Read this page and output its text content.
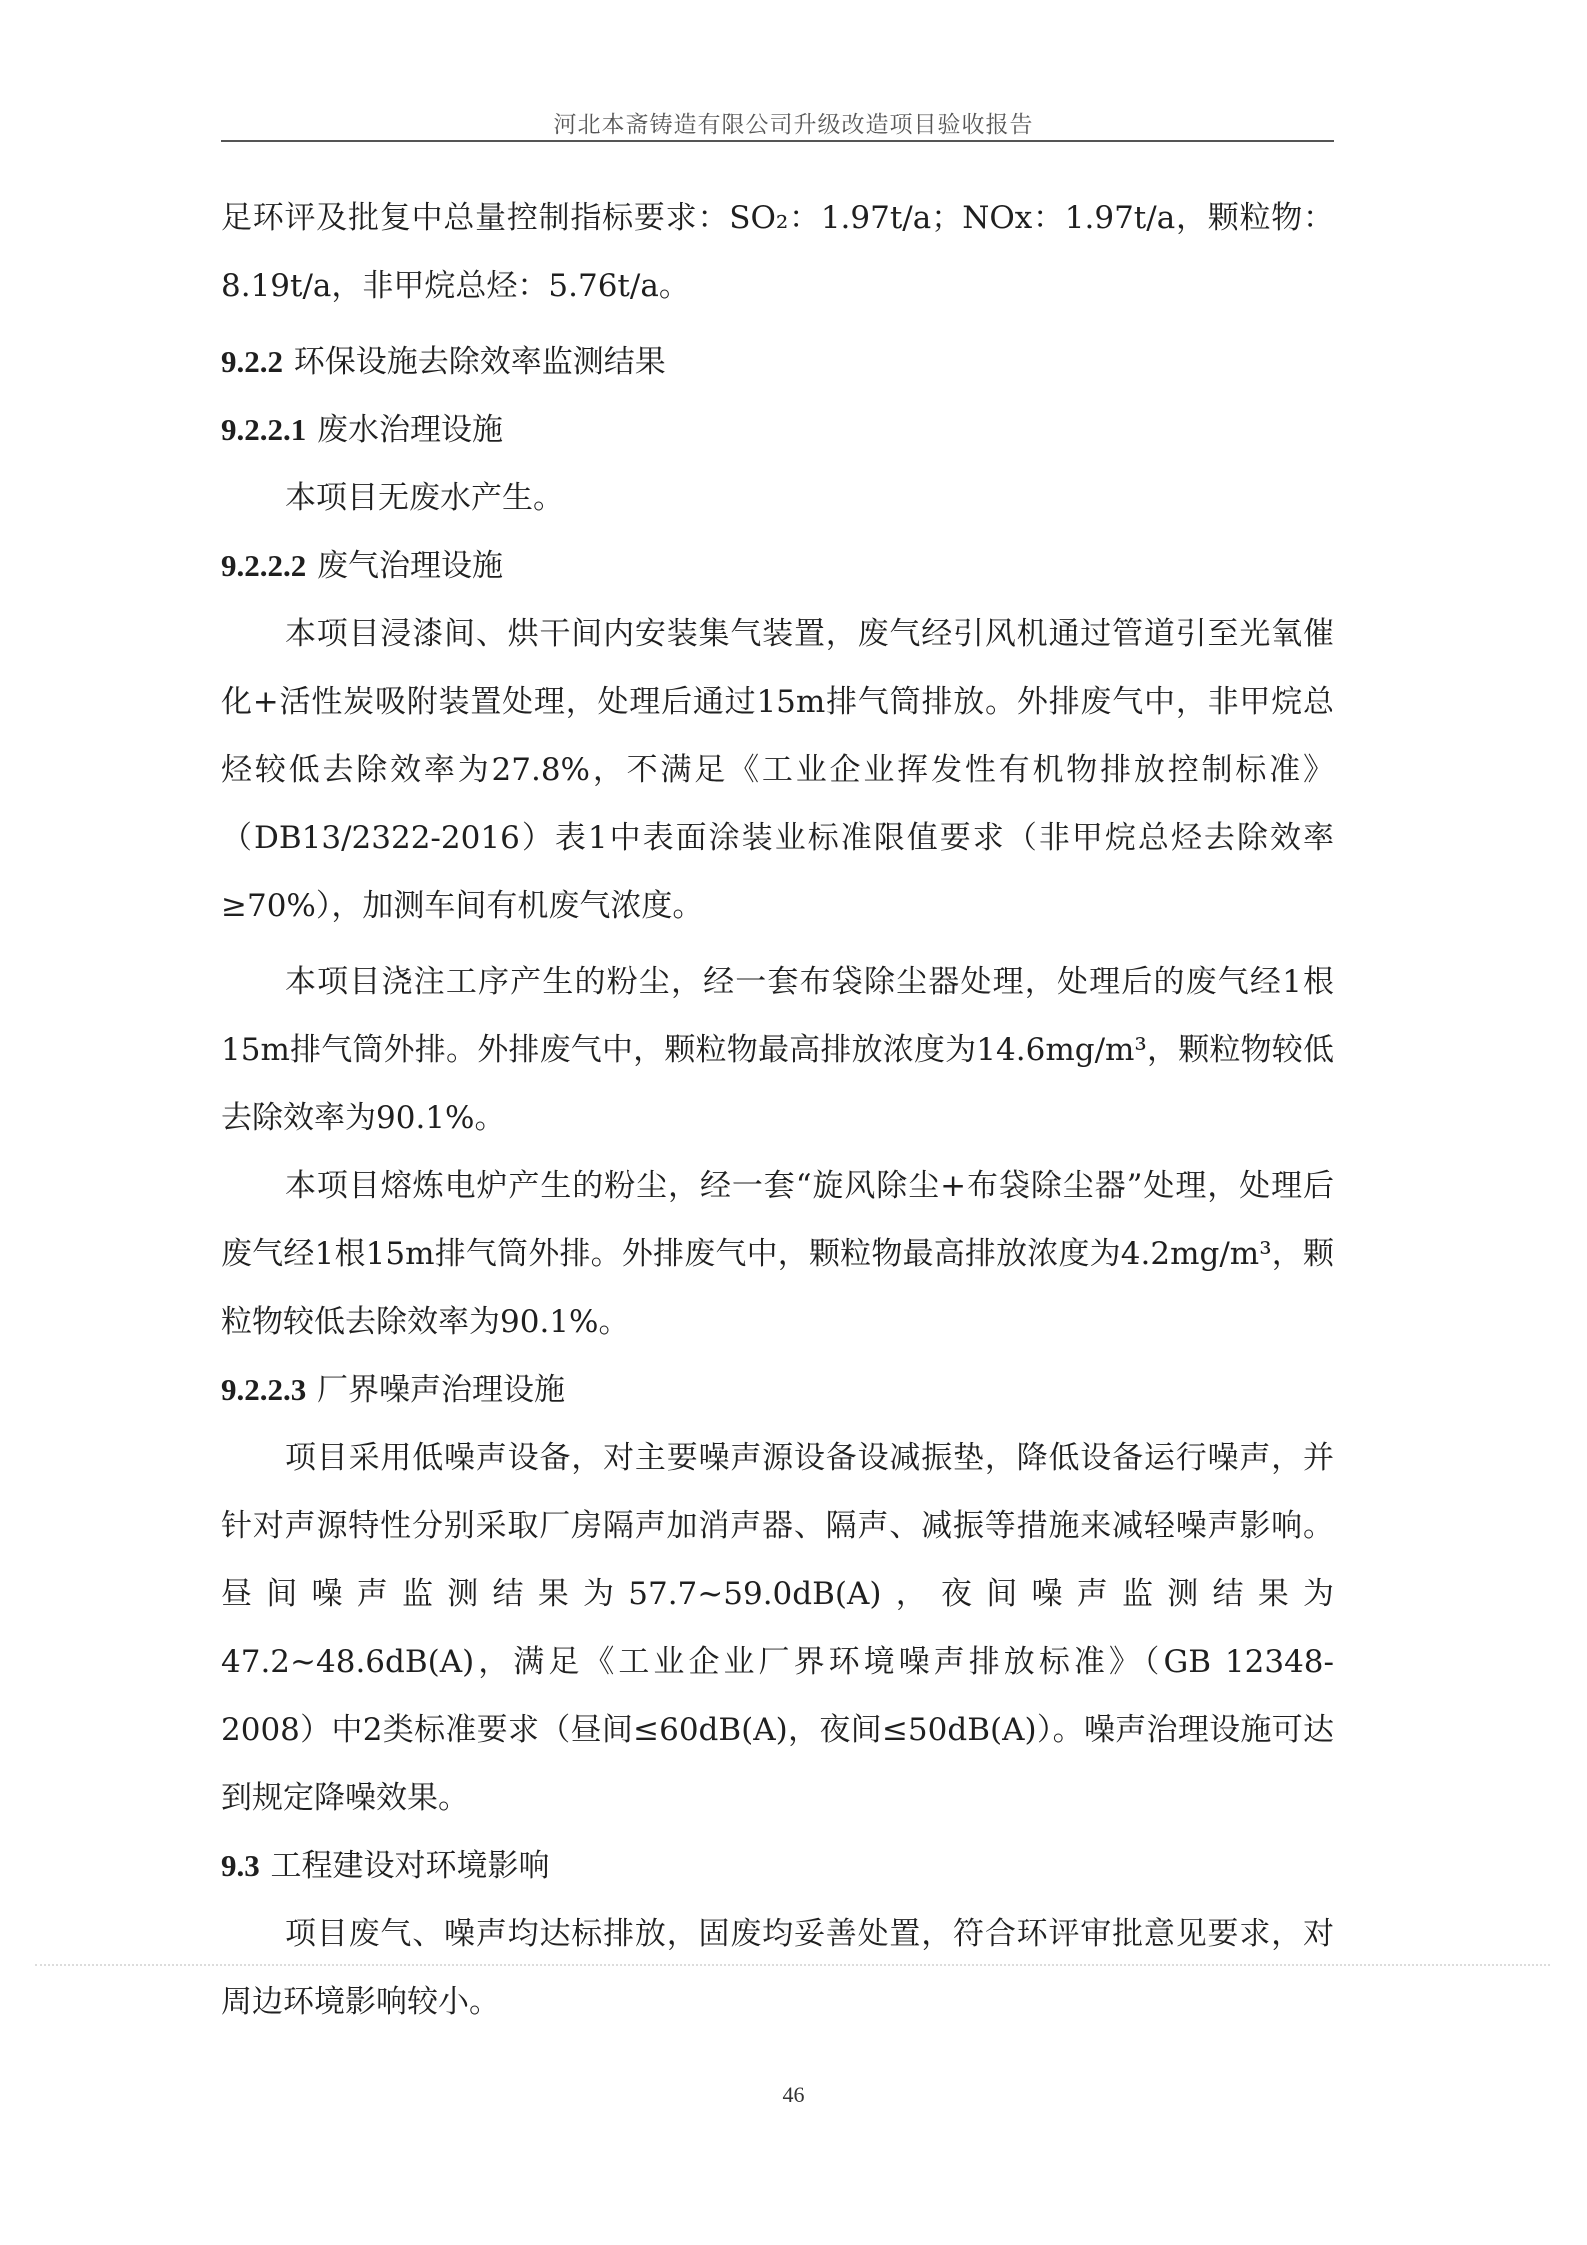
河北本斋铸造有限公司升级改造项目验收报告

足环评及批复中总量控制指标要求：SO₂：1.97t/a；NOx：1.97t/a，颗粒物：8.19t/a，非甲烷总烃：5.76t/a。

9.2.2 环保设施去除效率监测结果

9.2.2.1 废水治理设施

本项目无废水产生。

9.2.2.2 废气治理设施

本项目浸漆间、烘干间内安装集气装置，废气经引风机通过管道引至光氧催化+活性炭吸附装置处理，处理后通过15m排气筒排放。外排废气中，非甲烷总烃较低去除效率为27.8%，不满足《工业企业挥发性有机物排放控制标准》（DB13/2322-2016）表1中表面涂装业标准限值要求（非甲烷总烃去除效率≥70%），加测车间有机废气浓度。

本项目浇注工序产生的粉尘，经一套布袋除尘器处理，处理后的废气经1根15m排气筒外排。外排废气中，颗粒物最高排放浓度为14.6mg/m³，颗粒物较低去除效率为90.1%。

本项目熔炼电炉产生的粉尘，经一套“旋风除尘+布袋除尘器”处理，处理后废气经1根15m排气筒外排。外排废气中，颗粒物最高排放浓度为4.2mg/m³，颗粒物较低去除效率为90.1%。

9.2.2.3 厂界噪声治理设施

项目采用低噪声设备，对主要噪声源设备设减振垫，降低设备运行噪声，并针对声源特性分别采取厂房隔声加消声器、隔声、减振等措施来减轻噪声影响。昼间噪声监测结果为57.7~59.0dB(A)，夜间噪声监测结果为47.2~48.6dB(A)，满足《工业企业厂界环境噪声排放标准》（GB 12348-2008）中2类标准要求（昼间≤60dB(A)，夜间≤50dB(A)）。噪声治理设施可达到规定降噪效果。

9.3 工程建设对环境影响

项目废气、噪声均达标排放，固废均妥善处置，符合环评审批意见要求，对周边环境影响较小。

46
